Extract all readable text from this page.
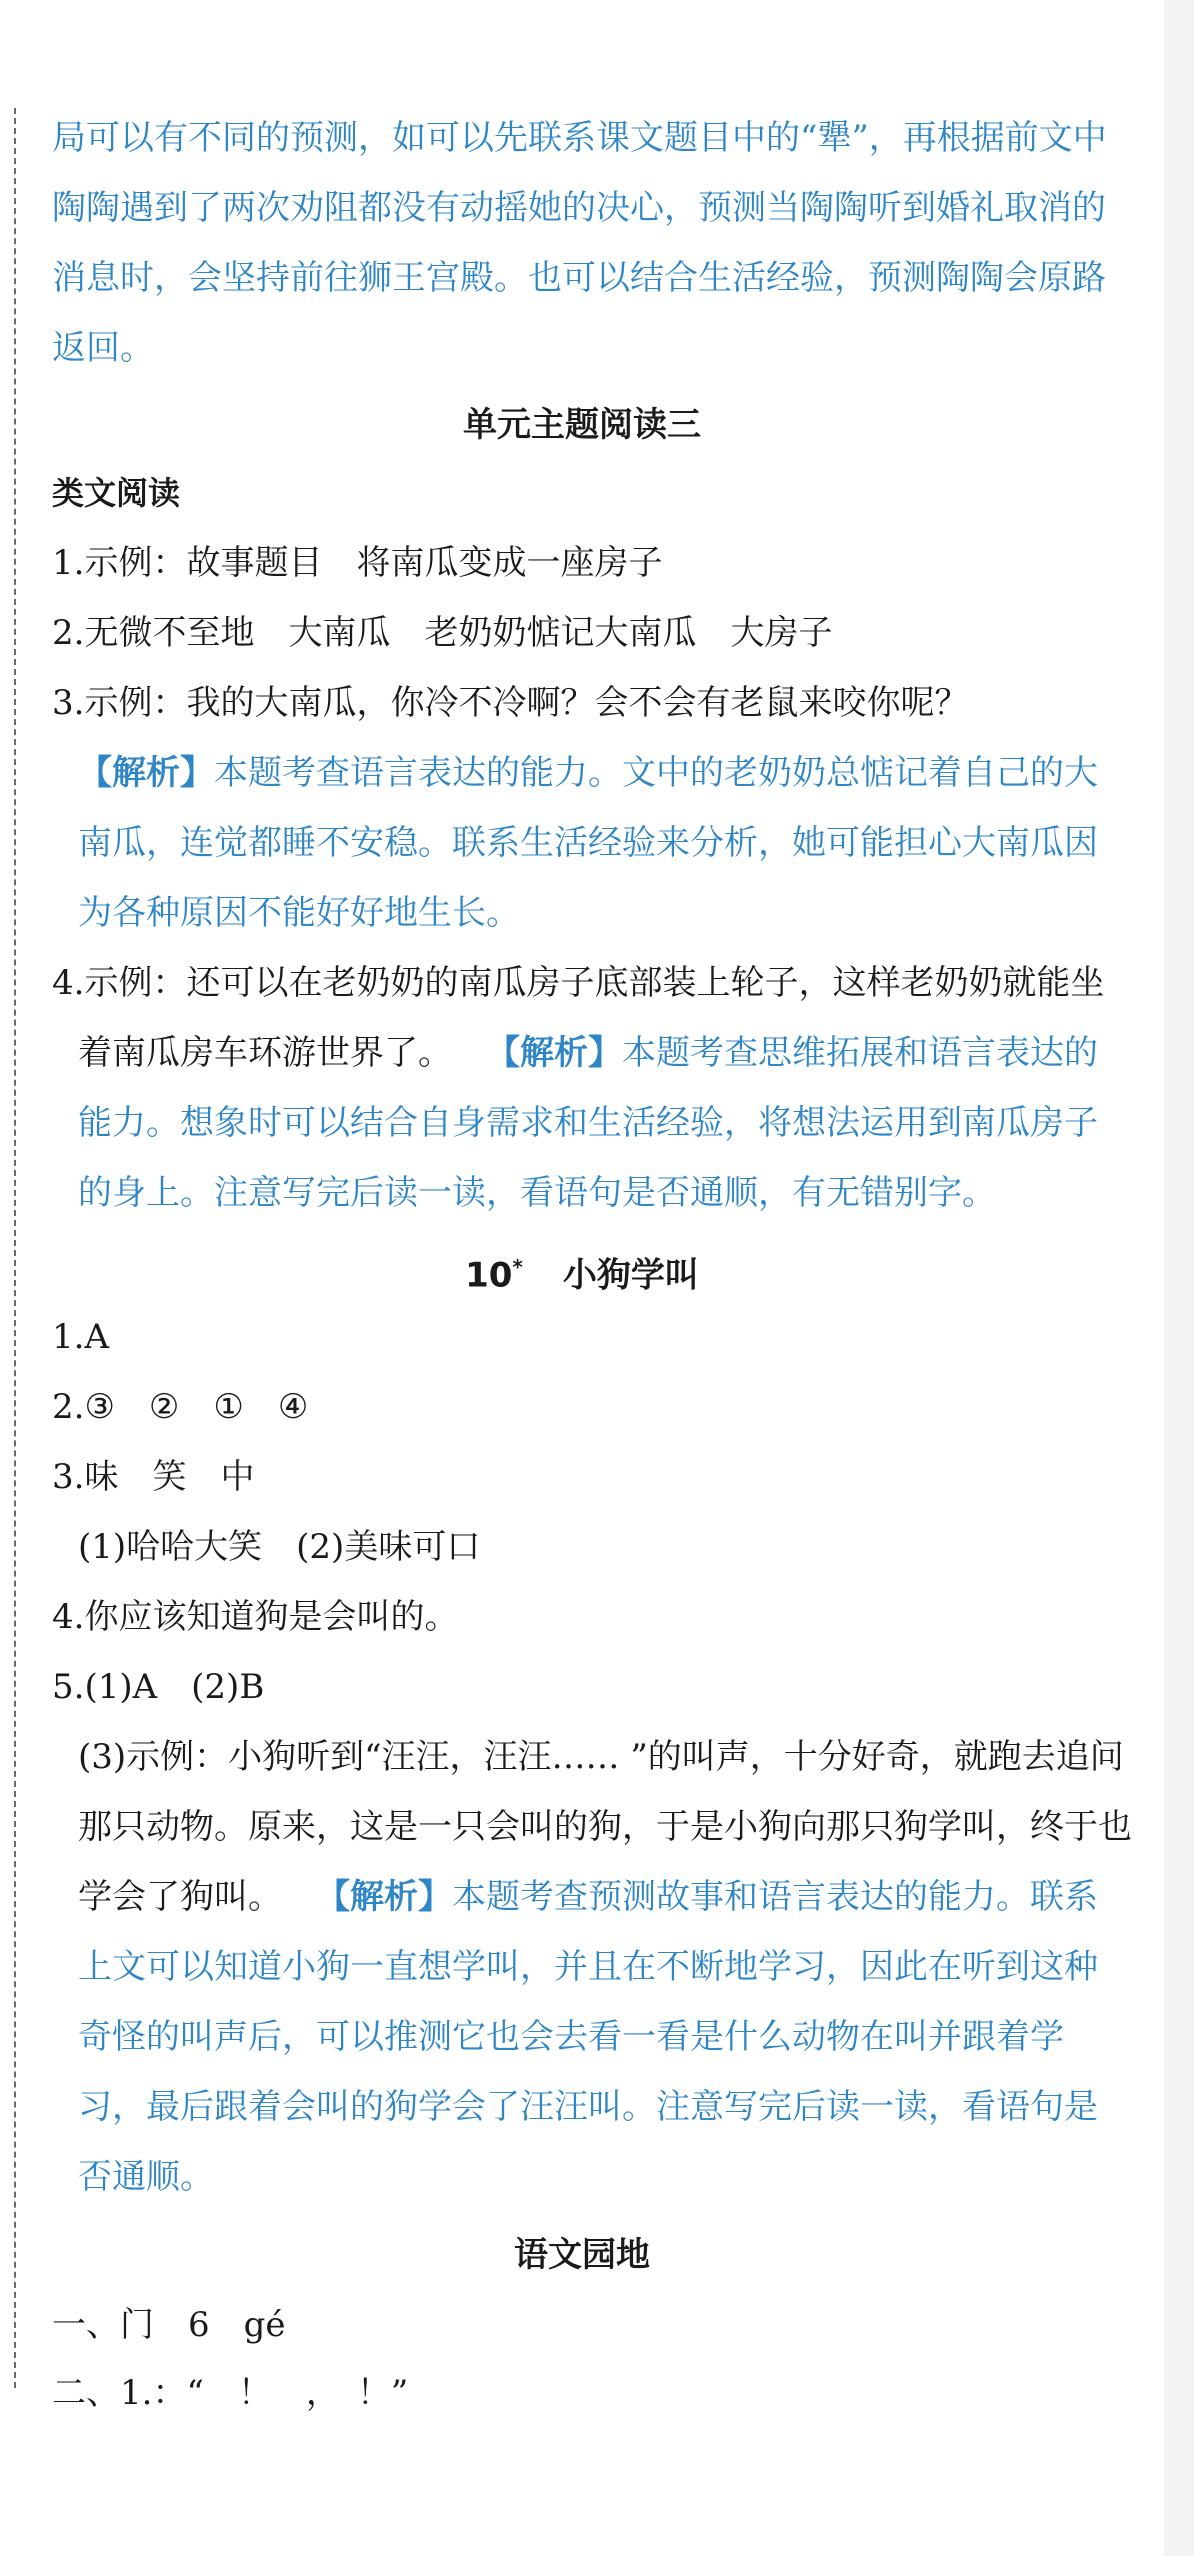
局可以有不同的预测，如可以先联系课文题目中的“犟”，再根据前文中
陶陶遇到了两次劝阻都没有动摇她的决心，预测当陶陶听到婚礼取消的
消息时，会坚持前往狮王宫殿。也可以结合生活经验，预测陶陶会原路
返回。
单元主题阅读三
类文阅读
1.示例：故事题目　将南瓜变成一座房子
2.无微不至地　大南瓜　老奶奶惦记大南瓜　大房子
3.示例：我的大南瓜，你冷不冷啊？会不会有老鼠来咬你呢？
【解析】本题考查语言表达的能力。文中的老奶奶总惦记着自己的大
南瓜，连觉都睡不安稳。联系生活经验来分析，她可能担心大南瓜因
为各种原因不能好好地生长。
4.示例：还可以在老奶奶的南瓜房子底部装上轮子，这样老奶奶就能坐
着南瓜房车环游世界了。 【解析】本题考查思维拓展和语言表达的
能力。想象时可以结合自身需求和生活经验，将想法运用到南瓜房子
的身上。注意写完后读一读，看语句是否通顺，有无错别字。
10* 小狗学叫
1.A
2.③　②　①　④
3.味　笑　中
(1)哈哈大笑　(2)美味可口
4.你应该知道狗是会叫的。
5.(1)A　(2)B
(3)示例：小狗听到“汪汪，汪汪…… ”的叫声，十分好奇，就跑去追问
那只动物。原来，这是一只会叫的狗，于是小狗向那只狗学叫，终于也
学会了狗叫。 【解析】本题考查预测故事和语言表达的能力。联系
上文可以知道小狗一直想学叫，并且在不断地学习，因此在听到这种
奇怪的叫声后，可以推测它也会去看一看是什么动物在叫并跟着学
习，最后跟着会叫的狗学会了汪汪叫。注意写完后读一读，看语句是
否通顺。
语文园地
一、门　6　gé
二、1.：“　！　，　！”
